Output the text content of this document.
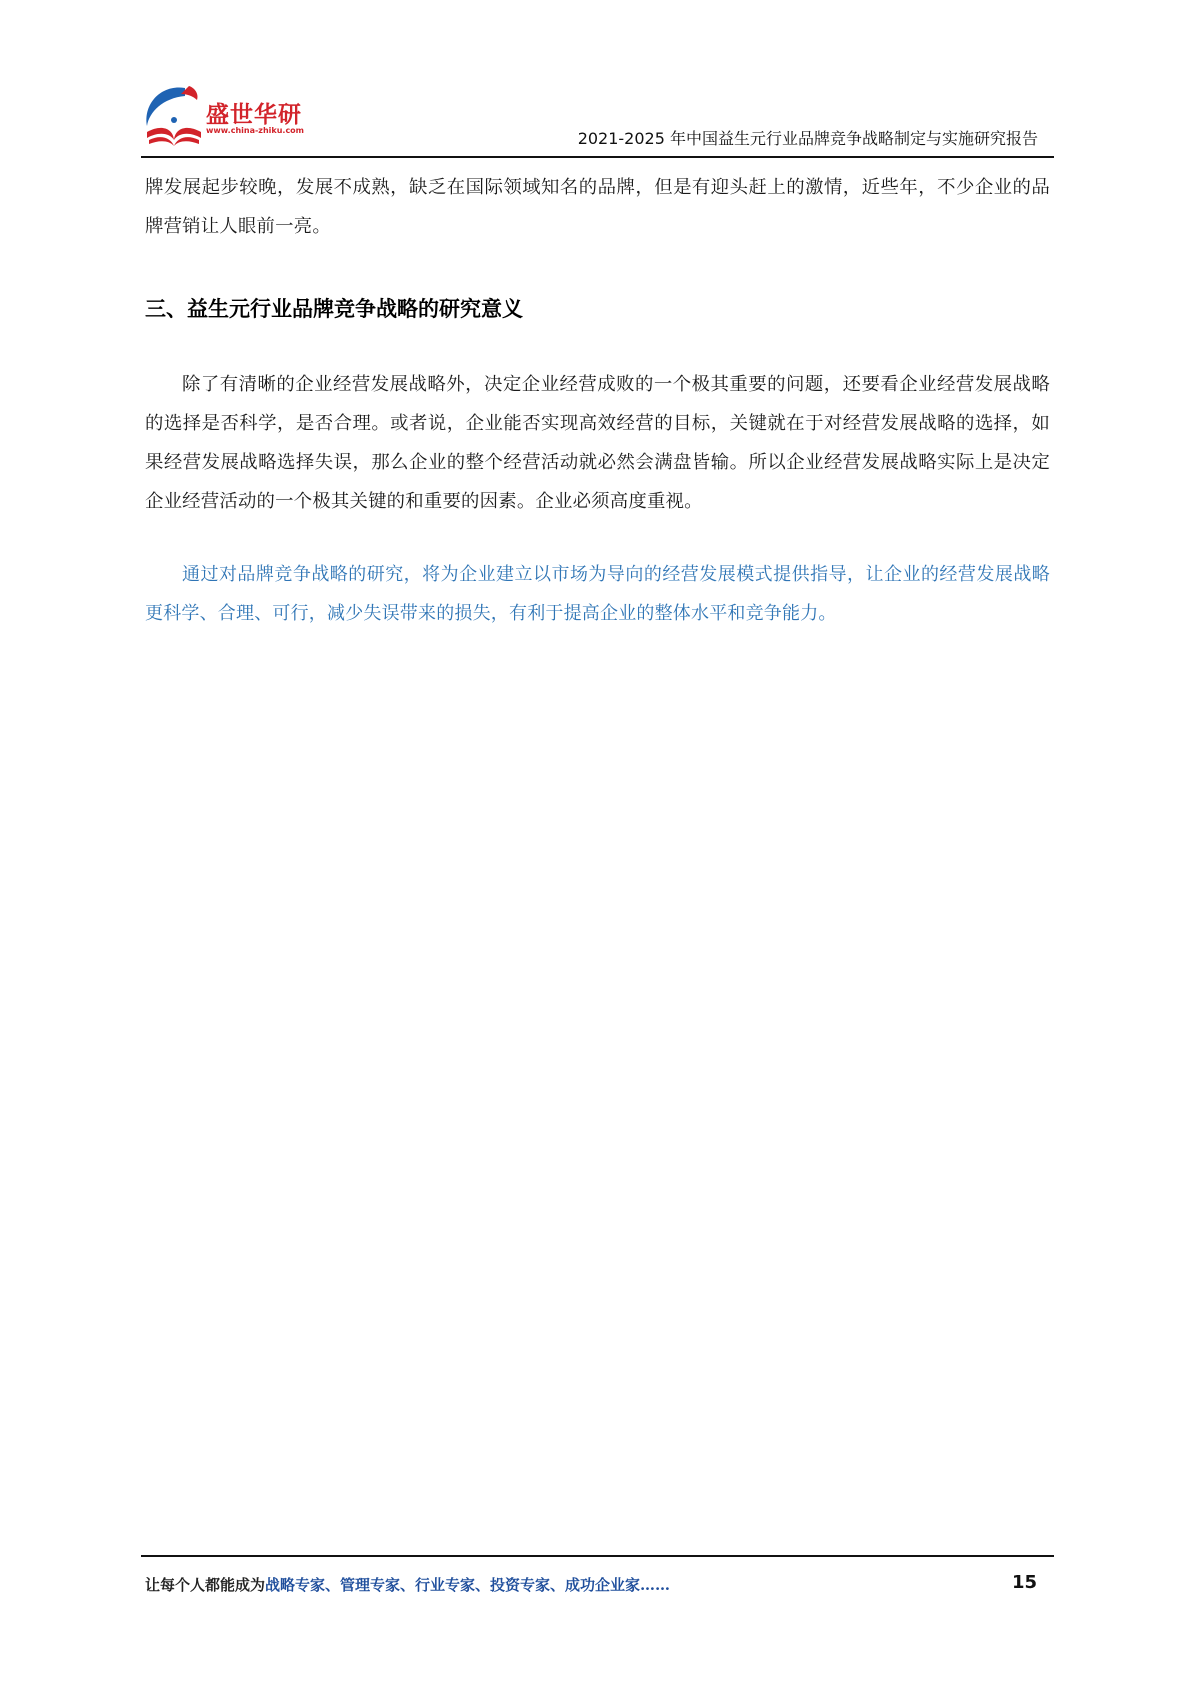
盛世华研
www.china-zhiku.com	2021-2025 年中国益生元行业品牌竞争战略制定与实施研究报告

牌发展起步较晚，发展不成熟，缺乏在国际领域知名的品牌，但是有迎头赶上的激情，近些年，不少企业的品牌营销让人眼前一亮。

三、益生元行业品牌竞争战略的研究意义

除了有清晰的企业经营发展战略外，决定企业经营成败的一个极其重要的问题，还要看企业经营发展战略的选择是否科学，是否合理。或者说，企业能否实现高效经营的目标，关键就在于对经营发展战略的选择，如果经营发展战略选择失误，那么企业的整个经营活动就必然会满盘皆输。所以企业经营发展战略实际上是决定企业经营活动的一个极其关键的和重要的因素。企业必须高度重视。

通过对品牌竞争战略的研究，将为企业建立以市场为导向的经营发展模式提供指导，让企业的经营发展战略更科学、合理、可行，减少失误带来的损失，有利于提高企业的整体水平和竞争能力。

让每个人都能成为战略专家、管理专家、行业专家、投资专家、成功企业家……	15
